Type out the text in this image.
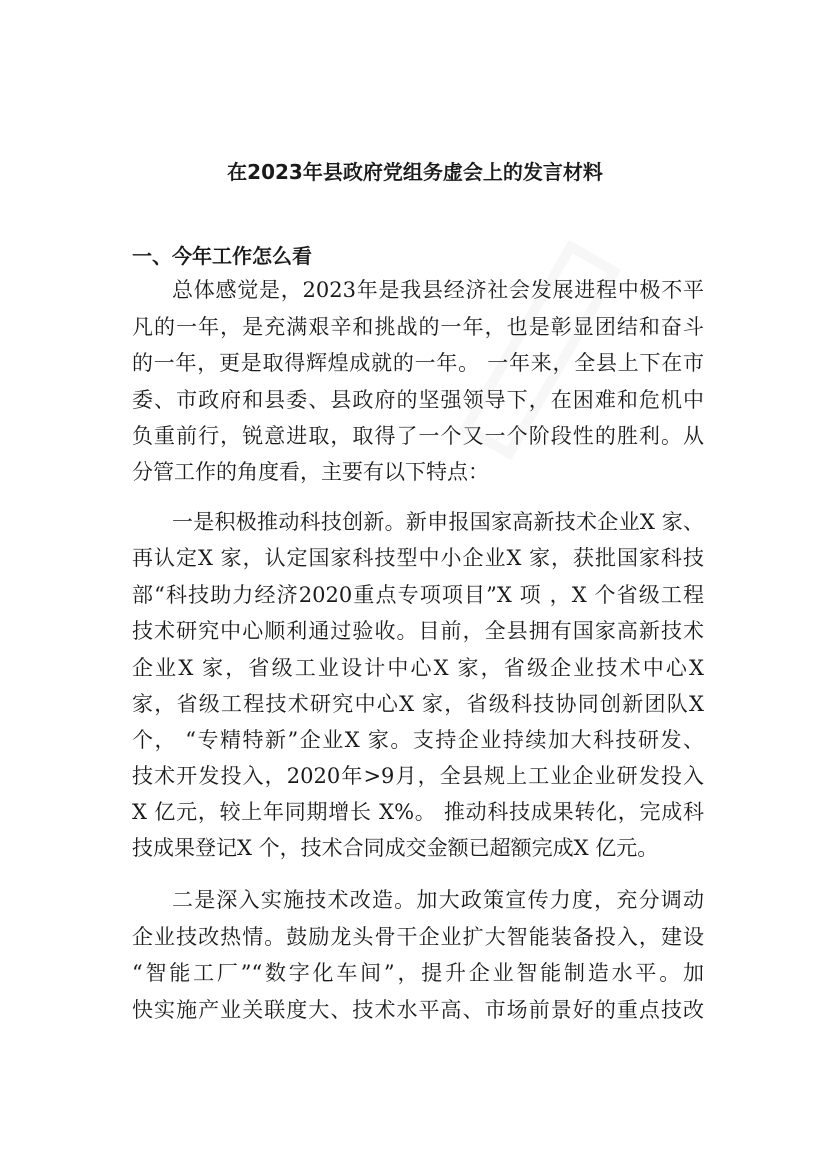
在2023年县政府党组务虚会上的发言材料
一、今年工作怎么看
总体感觉是，2023年是我县经济社会发展进程中极不平
凡的一年，是充满艰辛和挑战的一年，也是彰显团结和奋斗
的一年，更是取得辉煌成就的一年。 一年来，全县上下在市
委、市政府和县委、县政府的坚强领导下，在困难和危机中
负重前行，锐意进取，取得了一个又一个阶段性的胜利。从
分管工作的角度看，主要有以下特点：
一是积极推动科技创新。新申报国家高新技术企业X 家、
再认定X 家，认定国家科技型中小企业X 家，获批国家科技
部“科技助力经济2020重点专项项目”X 项 ，X 个省级工程
技术研究中心顺利通过验收。目前，全县拥有国家高新技术
企业X 家，省级工业设计中心X 家，省级企业技术中心X
家，省级工程技术研究中心X 家，省级科技协同创新团队X
个， “专精特新”企业X 家。支持企业持续加大科技研发、
技术开发投入，2020年>9月，全县规上工业企业研发投入
X 亿元，较上年同期增长 X%。 推动科技成果转化，完成科
技成果登记X 个，技术合同成交金额已超额完成X 亿元。
二是深入实施技术改造。加大政策宣传力度，充分调动
企业技改热情。鼓励龙头骨干企业扩大智能装备投入，建设
“智能工厂”“数字化车间”，提升企业智能制造水平。加
快实施产业关联度大、技术水平高、市场前景好的重点技改
